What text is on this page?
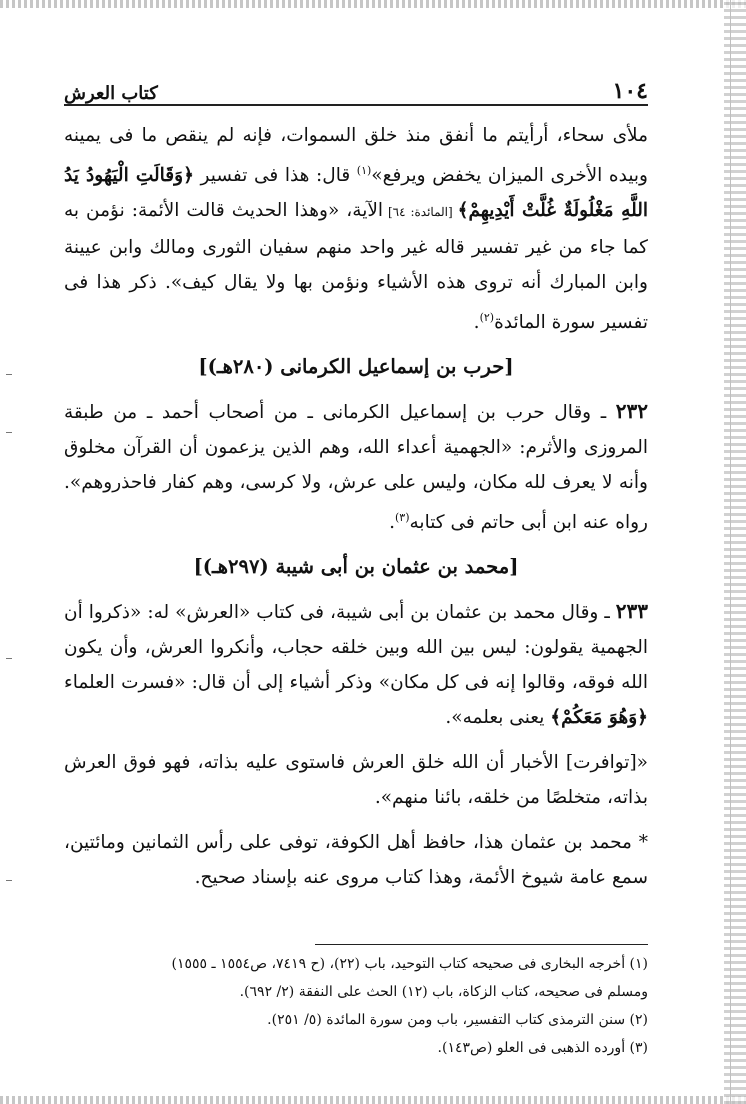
١٠٤
كتاب العرش

ملأى سحاء، أرأيتم ما أنفق منذ خلق السموات، فإنه لم ينقص ما فى يمينه وبيده الأخرى الميزان يخفض ويرفع»$^{(١)}$ قال: هذا فى تفسير ﴿وَقَالَتِ الْيَهُودُ يَدُ اللَّهِ مَغْلُولَةٌ غُلَّتْ أَيْدِيهِمْ﴾ [المائدة: ٦٤] الآية، «وهذا الحديث قالت الأئمة: نؤمن به كما جاء من غير تفسير قاله غير واحد منهم سفيان الثورى ومالك وابن عيينة وابن المبارك أنه تروى هذه الأشياء ونؤمن بها ولا يقال كيف». ذكر هذا فى تفسير سورة المائدة$^{(٢)}$.

[حرب بن إسماعيل الكرمانى (٢٨٠هـ)]

٢٣٢ ـ وقال حرب بن إسماعيل الكرمانى ـ من أصحاب أحمد ـ من طبقة المروزى والأثرم: «الجهمية أعداء الله، وهم الذين يزعمون أن القرآن مخلوق وأنه لا يعرف لله مكان، وليس على عرش، ولا كرسى، وهم كفار فاحذروهم». رواه عنه ابن أبى حاتم فى كتابه$^{(٣)}$.

[محمد بن عثمان بن أبى شيبة (٢٩٧هـ)]

٢٣٣ ـ وقال محمد بن عثمان بن أبى شيبة، فى كتاب «العرش» له: «ذكروا أن الجهمية يقولون: ليس بين الله وبين خلقه حجاب، وأنكروا العرش، وأن يكون الله فوقه، وقالوا إنه فى كل مكان» وذكر أشياء إلى أن قال: «فسرت العلماء ﴿وَهُوَ مَعَكُمْ﴾ يعنى بعلمه».

«[توافرت] الأخبار أن الله خلق العرش فاستوى عليه بذاته، فهو فوق العرش بذاته، متخلصًا من خلقه، بائنا منهم».

* محمد بن عثمان هذا، حافظ أهل الكوفة، توفى على رأس الثمانين ومائتين، سمع عامة شيوخ الأئمة، وهذا كتاب مروى عنه بإسناد صحيح.

(١) أخرجه البخارى فى صحيحه كتاب التوحيد، باب (٢٢)، (ح ٧٤١٩، ص١٥٥٤ ـ ١٥٥٥)
ومسلم فى صحيحه، كتاب الزكاة، باب (١٢) الحث على النفقة (٢/ ٦٩٢).
(٢) سنن الترمذى كتاب التفسير، باب ومن سورة المائدة (٥/ ٢٥١).
(٣) أورده الذهبى فى العلو (ص١٤٣).
